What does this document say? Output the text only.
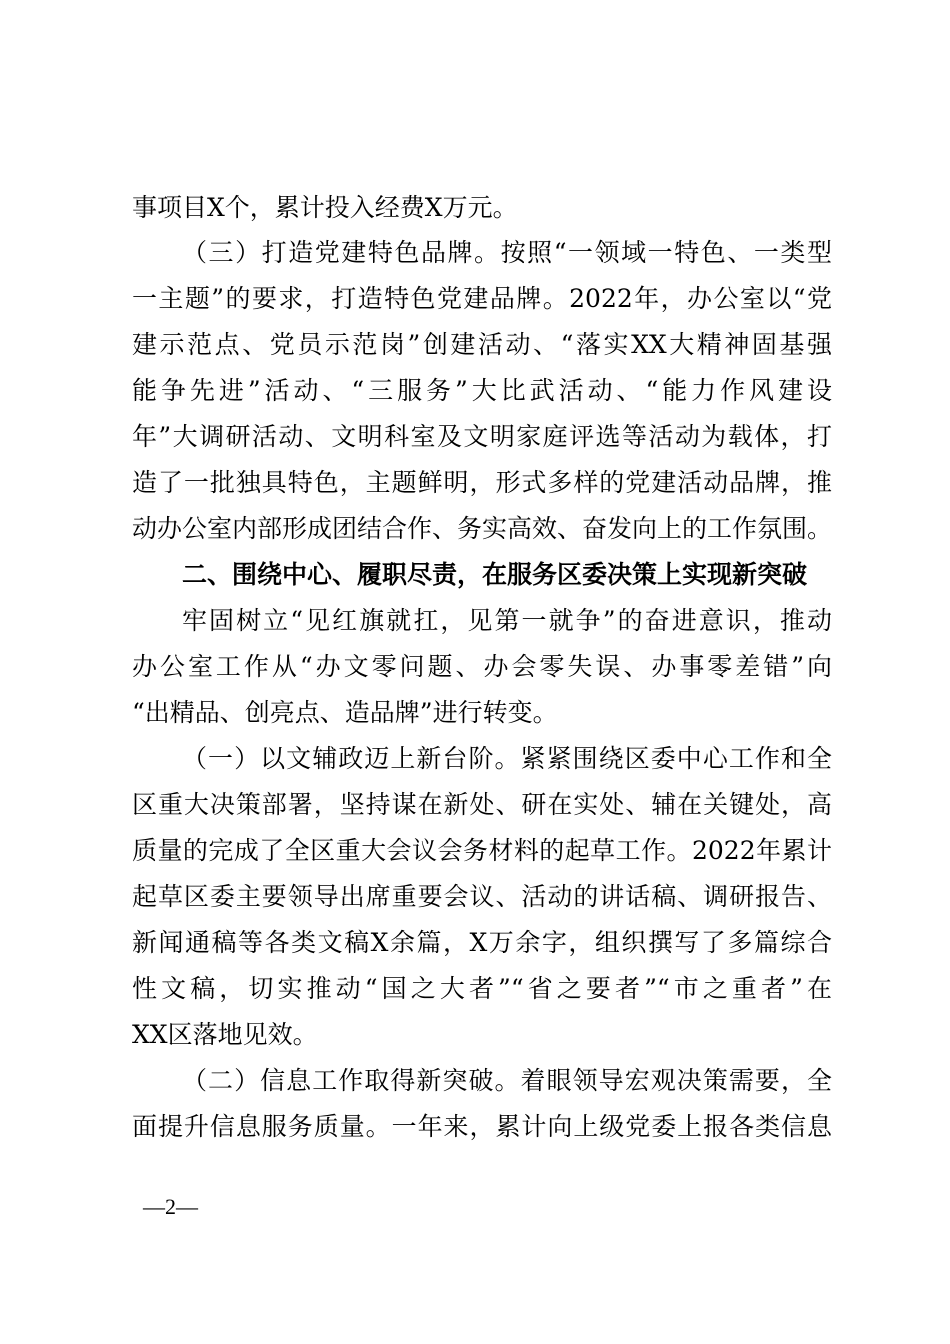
事项目X个，累计投入经费X万元。
（三）打造党建特色品牌。按照“一领域一特色、一类型
一主题”的要求，打造特色党建品牌。2022年，办公室以“党
建示范点、党员示范岗”创建活动、“落实XX大精神固基强
能争先进”活动、“三服务”大比武活动、“能力作风建设
年”大调研活动、文明科室及文明家庭评选等活动为载体，打
造了一批独具特色，主题鲜明，形式多样的党建活动品牌，推
动办公室内部形成团结合作、务实高效、奋发向上的工作氛围。
二、围绕中心、履职尽责，在服务区委决策上实现新突破
牢固树立“见红旗就扛，见第一就争”的奋进意识，推动
办公室工作从“办文零问题、办会零失误、办事零差错”向
“出精品、创亮点、造品牌”进行转变。
（一）以文辅政迈上新台阶。紧紧围绕区委中心工作和全
区重大决策部署，坚持谋在新处、研在实处、辅在关键处，高
质量的完成了全区重大会议会务材料的起草工作。2022年累计
起草区委主要领导出席重要会议、活动的讲话稿、调研报告、
新闻通稿等各类文稿X余篇，X万余字，组织撰写了多篇综合
性文稿，切实推动“国之大者”“省之要者”“市之重者”在
XX区落地见效。
（二）信息工作取得新突破。着眼领导宏观决策需要，全
面提升信息服务质量。一年来，累计向上级党委上报各类信息
—2—
